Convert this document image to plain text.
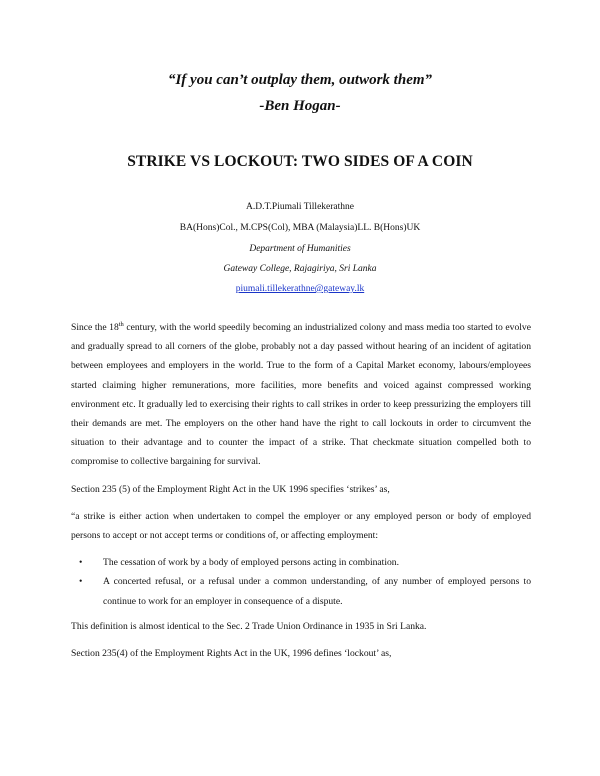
“If you can’t outplay them, outwork them”
-Ben Hogan-
STRIKE VS LOCKOUT: TWO SIDES OF A COIN
A.D.T.Piumali Tillekerathne
BA(Hons)Col., M.CPS(Col), MBA (Malaysia)LL. B(Hons)UK
Department of Humanities
Gateway College, Rajagiriya, Sri Lanka
piumali.tillekerathne@gateway.lk

Since the 18th century, with the world speedily becoming an industrialized colony and mass media too started to evolve and gradually spread to all corners of the globe, probably not a day passed without hearing of an incident of agitation between employees and employers in the world. True to the form of a Capital Market economy, labours/employees started claiming higher remunerations, more facilities, more benefits and voiced against compressed working environment etc. It gradually led to exercising their rights to call strikes in order to keep pressurizing the employers till their demands are met. The employers on the other hand have the right to call lockouts in order to circumvent the situation to their advantage and to counter the impact of a strike. That checkmate situation compelled both to compromise to collective bargaining for survival.

Section 235 (5) of the Employment Right Act in the UK 1996 specifies ‘strikes’ as,

“a strike is either action when undertaken to compel the employer or any employed person or body of employed persons to accept or not accept terms or conditions of, or affecting employment:

• The cessation of work by a body of employed persons acting in combination.
• A concerted refusal, or a refusal under a common understanding, of any number of employed persons to continue to work for an employer in consequence of a dispute.

This definition is almost identical to the Sec. 2 Trade Union Ordinance in 1935 in Sri Lanka.

Section 235(4) of the Employment Rights Act in the UK, 1996 defines ‘lockout’ as,
